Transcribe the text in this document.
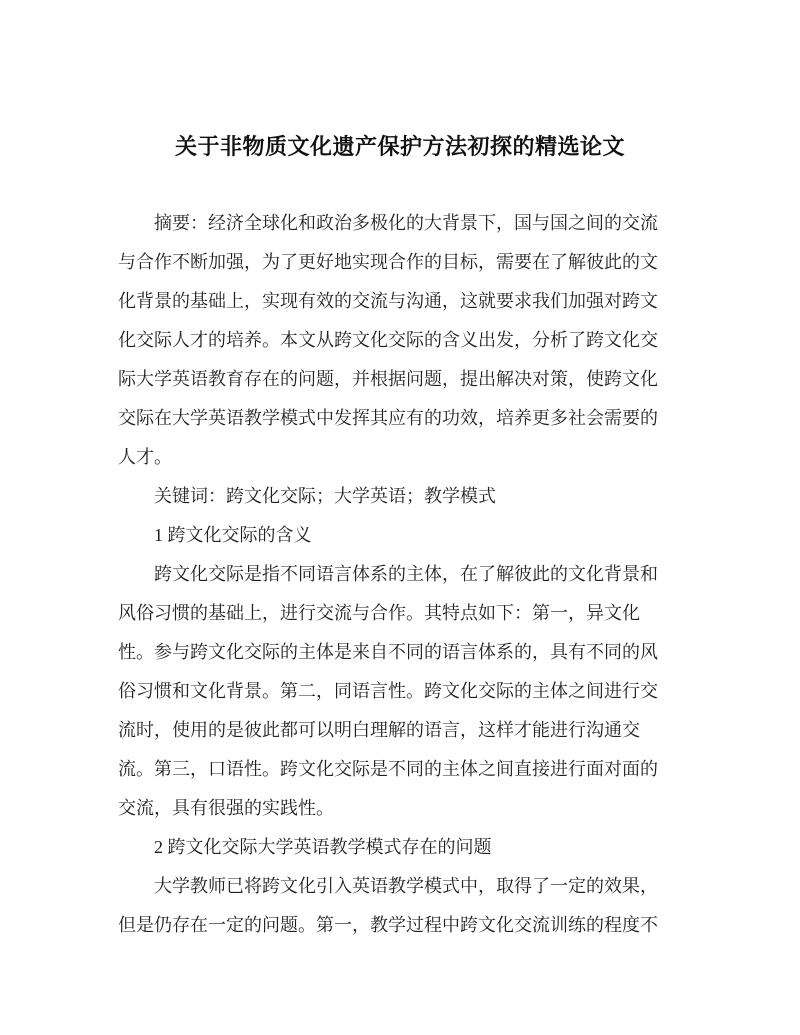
关于非物质文化遗产保护方法初探的精选论文

摘要：经济全球化和政治多极化的大背景下，国与国之间的交流与合作不断加强，为了更好地实现合作的目标，需要在了解彼此的文化背景的基础上，实现有效的交流与沟通，这就要求我们加强对跨文化交际人才的培养。本文从跨文化交际的含义出发，分析了跨文化交际大学英语教育存在的问题，并根据问题，提出解决对策，使跨文化交际在大学英语教学模式中发挥其应有的功效，培养更多社会需要的人才。

关键词：跨文化交际；大学英语；教学模式

1 跨文化交际的含义

跨文化交际是指不同语言体系的主体，在了解彼此的文化背景和风俗习惯的基础上，进行交流与合作。其特点如下：第一，异文化性。参与跨文化交际的主体是来自不同的语言体系的，具有不同的风俗习惯和文化背景。第二，同语言性。跨文化交际的主体之间进行交流时，使用的是彼此都可以明白理解的语言，这样才能进行沟通交流。第三，口语性。跨文化交际是不同的主体之间直接进行面对面的交流，具有很强的实践性。

2 跨文化交际大学英语教学模式存在的问题

大学教师已将跨文化引入英语教学模式中，取得了一定的效果，但是仍存在一定的问题。第一，教学过程中跨文化交流训练的程度不
